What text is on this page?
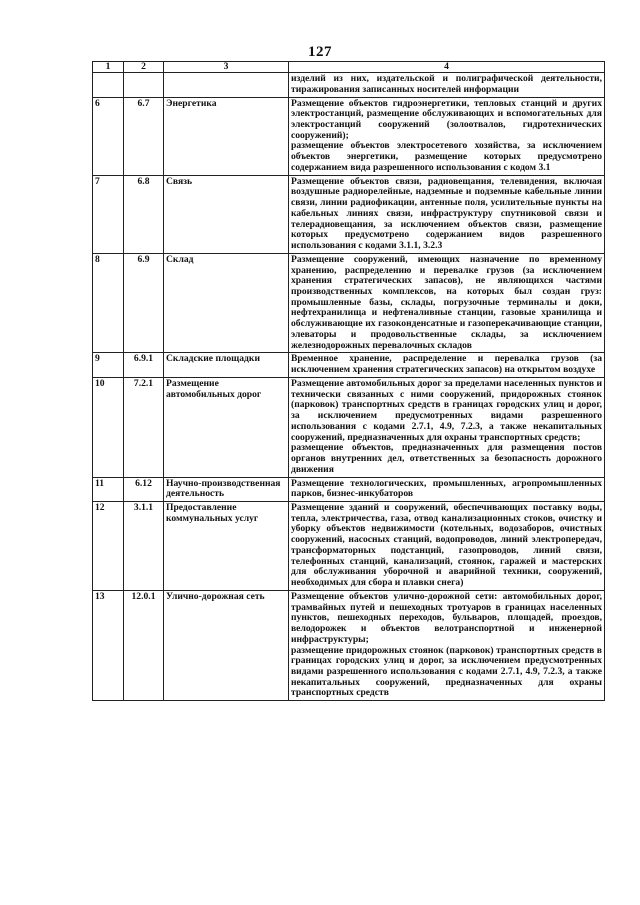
127
1	2	3	4
			изделий из них, издательской и полиграфической деятельности, тиражирования записанных носителей информации
6	6.7	Энергетика	Размещение объектов гидроэнергетики, тепловых станций и других электростанций, размещение обслуживающих и вспомогательных для электростанций сооружений (золоотвалов, гидротехнических сооружений);
размещение объектов электросетевого хозяйства, за исключением объектов энергетики, размещение которых предусмотрено содержанием вида разрешенного использования с кодом 3.1

7	6.8	Связь	Размещение объектов связи, радиовещания, телевидения, включая воздушные радиорелейные, надземные и подземные кабельные линии связи, линии радиофикации, антенные поля, усилительные пункты на кабельных линиях связи, инфраструктуру спутниковой связи и телерадиовещания, за исключением объектов связи, размещение которых предусмотрено содержанием видов разрешенного использования с кодами 3.1.1, 3.2.3

8	6.9	Склад	Размещение сооружений, имеющих назначение по временному хранению, распределению и перевалке грузов (за исключением хранения стратегических запасов), не являющихся частями производственных комплексов, на которых был создан груз: промышленные базы, склады, погрузочные терминалы и доки, нефтехранилища и нефтеналивные станции, газовые хранилища и обслуживающие их газоконденсатные и газоперекачивающие станции, элеваторы и продовольственные склады, за исключением железнодорожных перевалочных складов

9	6.9.1	Складские площадки	Временное хранение, распределение и перевалка грузов (за исключением хранения стратегических запасов) на открытом воздухе

10	7.2.1	Размещение автомобильных дорог	Размещение автомобильных дорог за пределами населенных пунктов и технически связанных с ними сооружений, придорожных стоянок (парковок) транспортных средств в границах городских улиц и дорог, за исключением предусмотренных видами разрешенного использования с кодами 2.7.1, 4.9, 7.2.3, а также некапитальных сооружений, предназначенных для охраны транспортных средств;
размещение объектов, предназначенных для размещения постов органов внутренних дел, ответственных за безопасность дорожного движения

11	6.12	Научно-производственная деятельность	Размещение технологических, промышленных, агропромышленных парков, бизнес-инкубаторов

12	3.1.1	Предоставление коммунальных услуг	Размещение зданий и сооружений, обеспечивающих поставку воды, тепла, электричества, газа, отвод канализационных стоков, очистку и уборку объектов недвижимости (котельных, водозаборов, очистных сооружений, насосных станций, водопроводов, линий электропередач, трансформаторных подстанций, газопроводов, линий связи, телефонных станций, канализаций, стоянок, гаражей и мастерских для обслуживания уборочной и аварийной техники, сооружений, необходимых для сбора и плавки снега)

13	12.0.1	Улично-дорожная сеть	Размещение объектов улично-дорожной сети: автомобильных дорог, трамвайных путей и пешеходных тротуаров в границах населенных пунктов, пешеходных переходов, бульваров, площадей, проездов, велодорожек и объектов велотранспортной и инженерной инфраструктуры;
размещение придорожных стоянок (парковок) транспортных средств в границах городских улиц и дорог, за исключением предусмотренных видами разрешенного использования с кодами 2.7.1, 4.9, 7.2.3, а также некапитальных сооружений, предназначенных для охраны транспортных средств
